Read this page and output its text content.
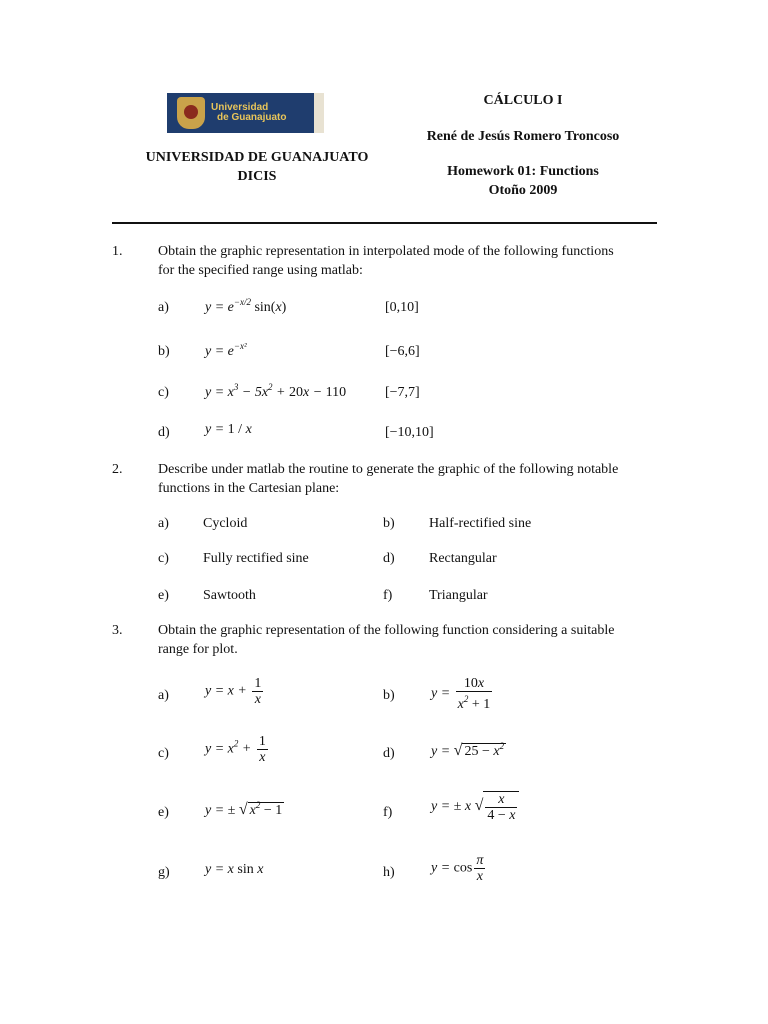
Universidad
de Guanajuato
UNIVERSIDAD DE GUANAJUATO
DICIS
CÁLCULO I
René de Jesús Romero Troncoso
Homework 01: Functions
Otoño 2009
1.	Obtain the graphic representation in interpolated mode of the following functions
for the specified range using matlab:
a)	$y = e^{-x/2}$ sin(x)	[0,10]
b)	$y = e^{-x^2}$	[−6,6]
c)	$y = x^3 - 5x^2 + 20x - 110$	[−7,7]
d)	y = 1 / x	[−10,10]
2.	Describe under matlab the routine to generate the graphic of the following notable
functions in the Cartesian plane:
a) Cycloid	b) Half-rectified sine
c) Fully rectified sine	d) Rectangular
e) Sawtooth	f)	Triangular
3.	Obtain the graphic representation of the following function considering a suitable
range for plot.
a)	$y = x + \frac{1}{x}$	b)	$y = \frac{10x}{x^2 + 1}$
c)	$y = x^2 + \frac{1}{x}$	d)	y = √ $25 - x^2$
e)	y = ± √ $x^2 - 1$	f)	y = ± x √ $\frac{x}{4 - x}$
g)	y = x sin x	h)	$y = \cos \frac{\pi}{x}$
